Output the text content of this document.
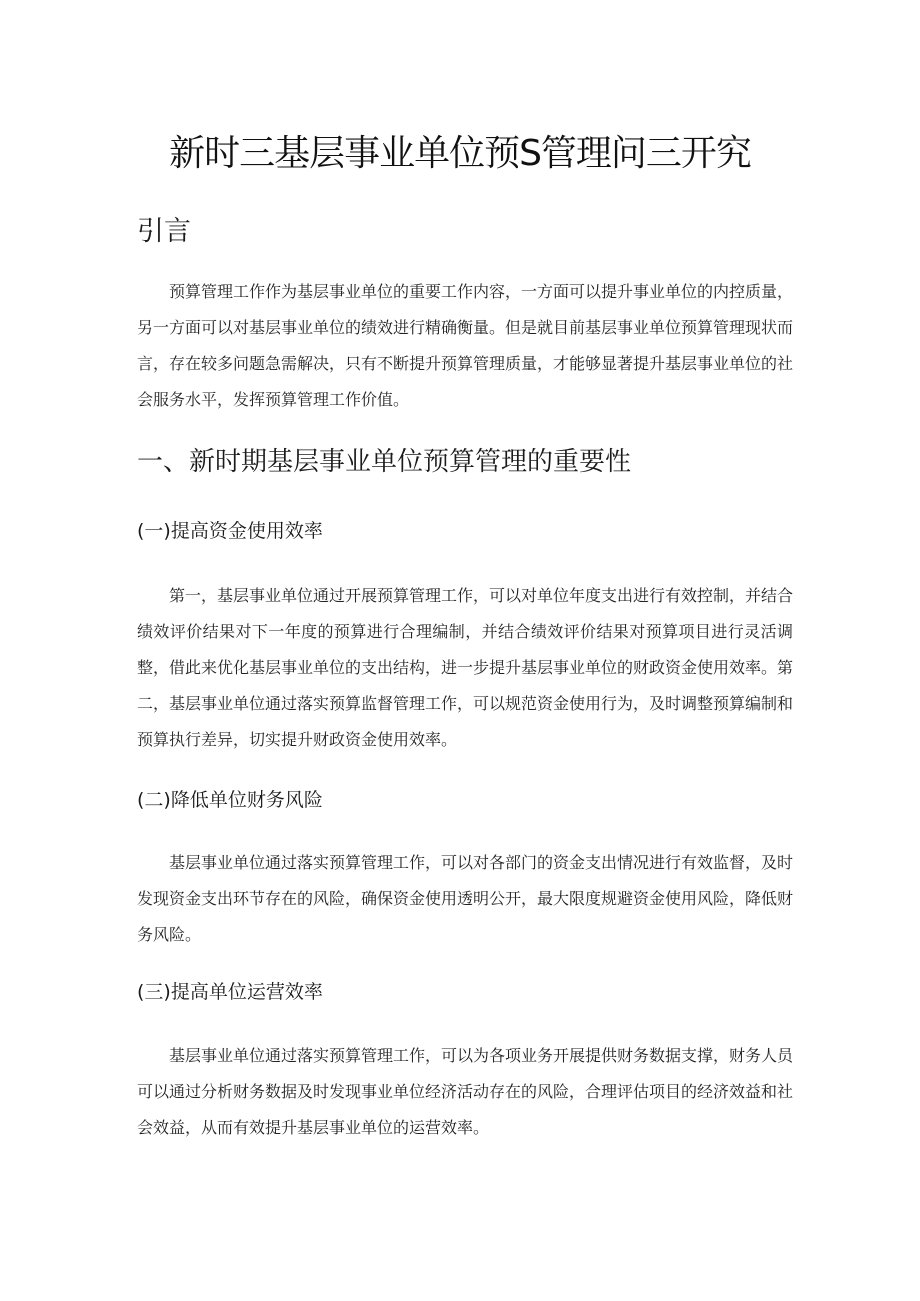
新时三基层事业单位预S管理问三开究
引言

预算管理工作作为基层事业单位的重要工作内容，一方面可以提升事业单位的内控质量，另一方面可以对基层事业单位的绩效进行精确衡量。但是就目前基层事业单位预算管理现状而言，存在较多问题急需解决，只有不断提升预算管理质量，才能够显著提升基层事业单位的社会服务水平，发挥预算管理工作价值。

一、新时期基层事业单位预算管理的重要性
(一)提高资金使用效率

第一，基层事业单位通过开展预算管理工作，可以对单位年度支出进行有效控制，并结合绩效评价结果对下一年度的预算进行合理编制，并结合绩效评价结果对预算项目进行灵活调整，借此来优化基层事业单位的支出结构，进一步提升基层事业单位的财政资金使用效率。第二，基层事业单位通过落实预算监督管理工作，可以规范资金使用行为，及时调整预算编制和预算执行差异，切实提升财政资金使用效率。

(二)降低单位财务风险

基层事业单位通过落实预算管理工作，可以对各部门的资金支出情况进行有效监督，及时发现资金支出环节存在的风险，确保资金使用透明公开，最大限度规避资金使用风险，降低财务风险。

(三)提高单位运营效率

基层事业单位通过落实预算管理工作，可以为各项业务开展提供财务数据支撑，财务人员可以通过分析财务数据及时发现事业单位经济活动存在的风险，合理评估项目的经济效益和社会效益，从而有效提升基层事业单位的运营效率。
